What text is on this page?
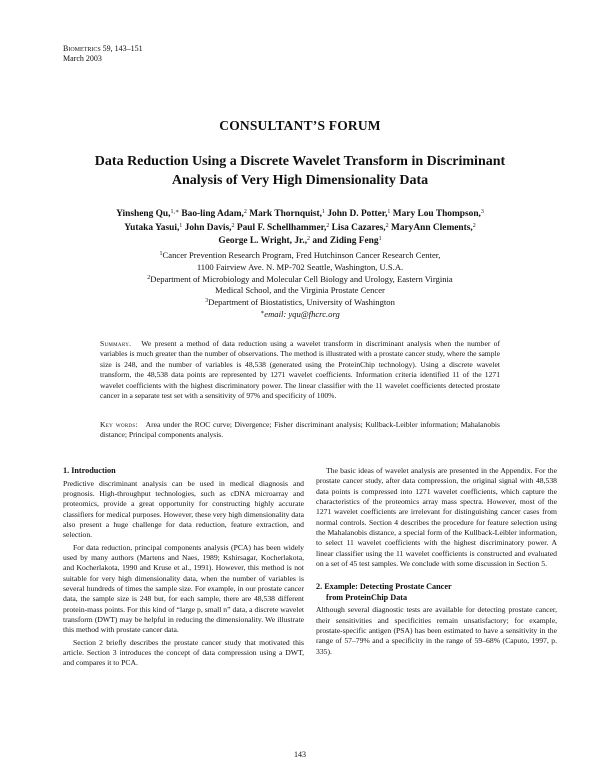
Biometrics 59, 143–151
March 2003
CONSULTANT’S FORUM
Data Reduction Using a Discrete Wavelet Transform in Discriminant
Analysis of Very High Dimensionality Data
Yinsheng Qu,$^{1,∗}$ Bao-ling Adam,$^2$ Mark Thornquist,$^1$ John D. Potter,$^1$ Mary Lou Thompson,$^3$
Yutaka Yasui,$^1$ John Davis,$^2$ Paul F. Schellhammer,$^2$ Lisa Cazares,$^2$ MaryAnn Clements,$^2$
George L. Wright, Jr.,$^2$ and Ziding Feng$^1$
$^1$Cancer Prevention Research Program, Fred Hutchinson Cancer Research Center,
1100 Fairview Ave. N. MP-702 Seattle, Washington, U.S.A.
$^2$Department of Microbiology and Molecular Cell Biology and Urology, Eastern Virginia
Medical School, and the Virginia Prostate Cencer
$^3$Department of Biostatistics, University of Washington
∗email: yqu@fhcrc.org
Summary. We present a method of data reduction using a wavelet transform in discriminant analysis when the number of variables is much greater than the number of observations. The method is illustrated with a prostate cancer study, where the sample size is 248, and the number of variables is 48,538 (generated using the ProteinChip technology). Using a discrete wavelet transform, the 48,538 data points are represented by 1271 wavelet coefficients. Information criteria identified 11 of the 1271 wavelet coefficients with the highest discriminatory power. The linear classifier with the 11 wavelet coefficients detected prostate cancer in a separate test set with a sensitivity of 97% and specificity of 100%.
Key words: Area under the ROC curve; Divergence; Fisher discriminant analysis; Kullback-Leibler information; Mahalanobis distance; Principal components analysis.
1. Introduction

Predictive discriminant analysis can be used in medical diagnosis and prognosis. High-throughput technologies, such as cDNA microarray and proteomics, provide a great opportunity for constructing highly accurate classifiers for medical purposes. However, these very high dimensionality data also present a huge challenge for data reduction, feature extraction, and selection.

For data reduction, principal components analysis (PCA) has been widely used by many authors (Martens and Naes, 1989; Kshirsagar, Kocherlakota, and Kocherlakota, 1990 and Kruse et al., 1991). However, this method is not suitable for very high dimensionality data, when the number of variables is several hundreds of times the sample size. For example, in our prostate cancer data, the sample size is 248 but, for each sample, there are 48,538 different protein-mass points. For this kind of “large p, small n” data, a discrete wavelet transform (DWT) may be helpful in reducing the dimensionality. We illustrate this method with prostate cancer data.

Section 2 briefly describes the prostate cancer study that motivated this article. Section 3 introduces the concept of data compression using a DWT, and compares it to PCA.

The basic ideas of wavelet analysis are presented in the Appendix. For the prostate cancer study, after data compression, the original signal with 48,538 data points is compressed into 1271 wavelet coefficients, which capture the characteristics of the proteomics array mass spectra. However, most of the 1271 wavelet coefficients are irrelevant for distinguishing cancer cases from normal controls. Section 4 describes the procedure for feature selection using the Mahalanobis distance, a special form of the Kullback-Leibler information, to select 11 wavelet coefficients with the highest discriminatory power. A linear classifier using the 11 wavelet coefficients is constructed and evaluated on a set of 45 test samples. We conclude with some discussion in Section 5.

2. Example: Detecting Prostate Cancer
from ProteinChip Data

Although several diagnostic tests are available for detecting prostate cancer, their sensitivities and specificities remain unsatisfactory; for example, prostate-specific antigen (PSA) has been estimated to have a sensitivity in the range of 57–79% and a specificity in the range of 59–68% (Caputo, 1997, p. 335).

143
